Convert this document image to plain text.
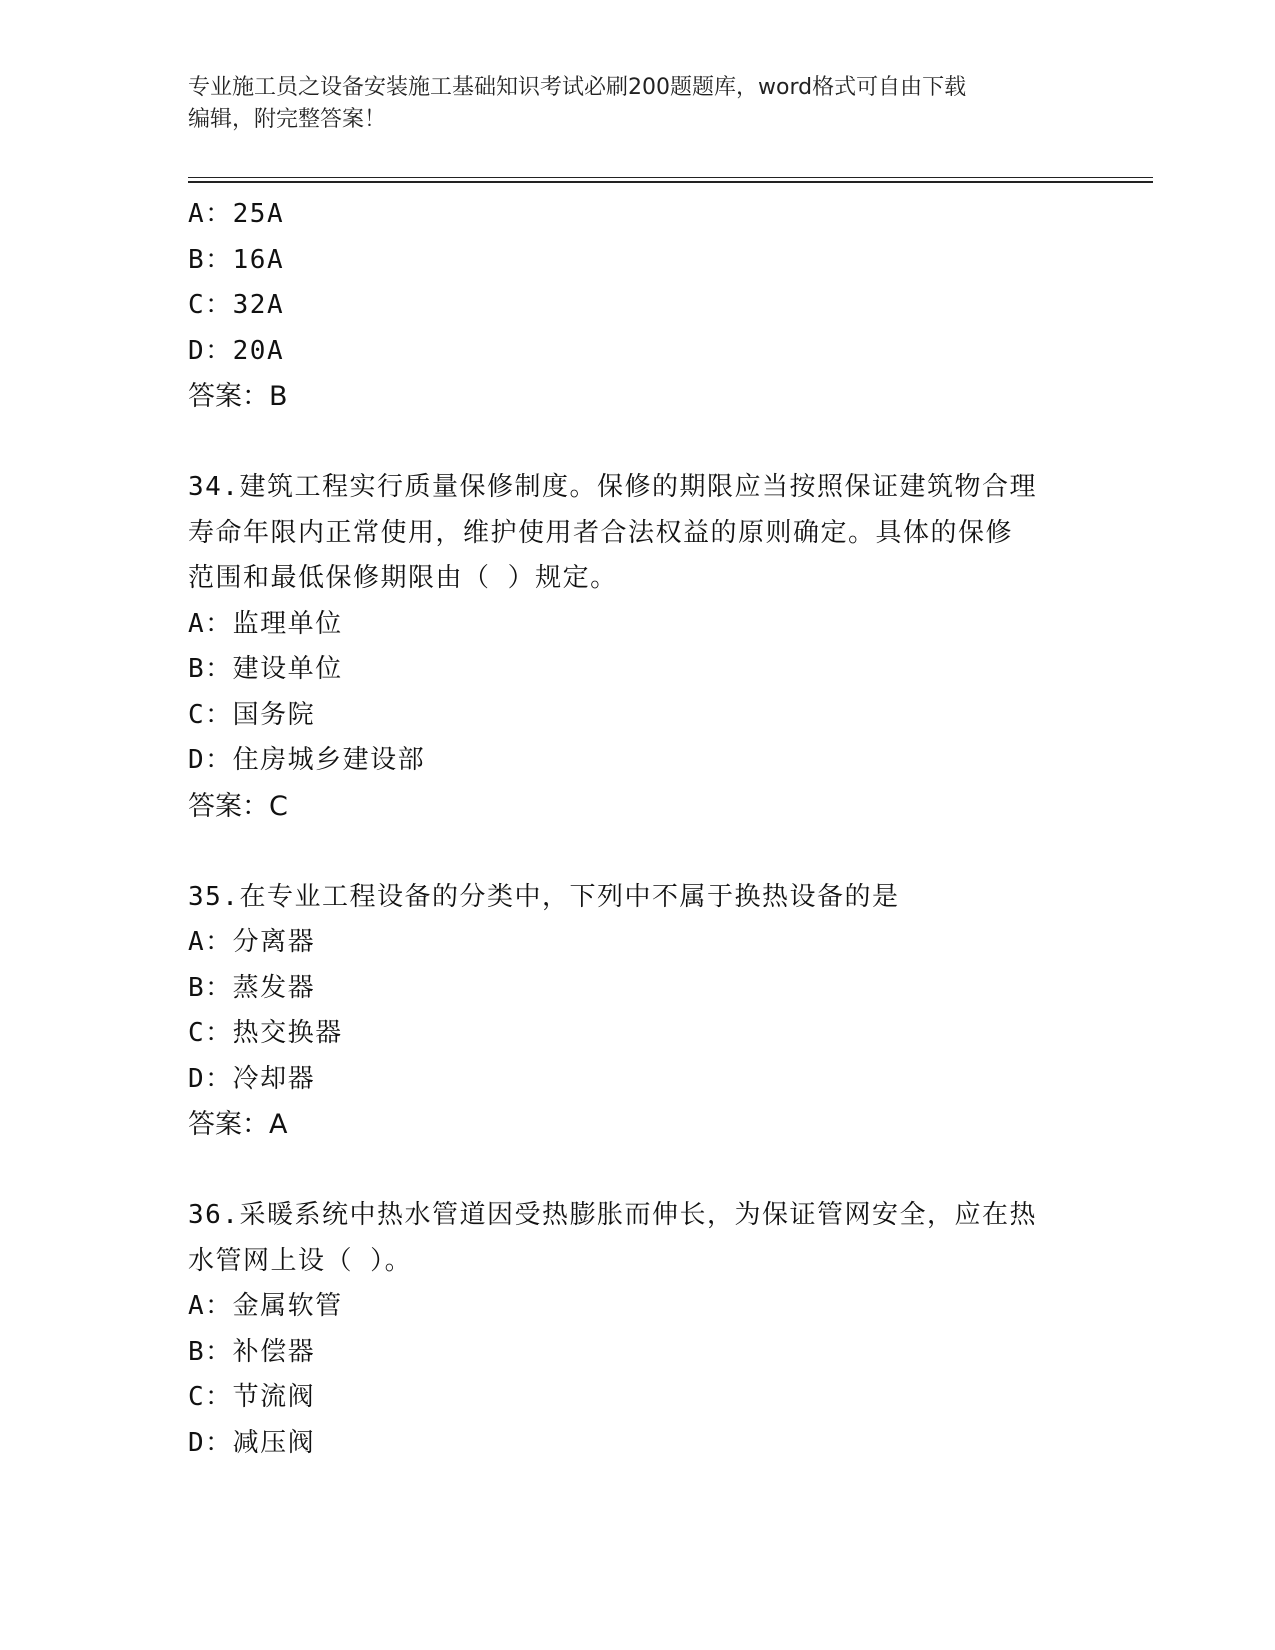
专业施工员之设备安装施工基础知识考试必刷200题题库，word格式可自由下载
编辑，附完整答案！
A：25A
B：16A
C：32A
D：20A
答案：B
34.建筑工程实行质量保修制度。保修的期限应当按照保证建筑物合理
寿命年限内正常使用，维护使用者合法权益的原则确定。具体的保修
范围和最低保修期限由（ ）规定。
A：监理单位
B：建设单位
C：国务院
D：住房城乡建设部
答案：C
35.在专业工程设备的分类中，下列中不属于换热设备的是
A：分离器
B：蒸发器
C：热交换器
D：冷却器
答案：A
36.采暖系统中热水管道因受热膨胀而伸长，为保证管网安全，应在热
水管网上设（ ）。
A：金属软管
B：补偿器
C：节流阀
D：减压阀
